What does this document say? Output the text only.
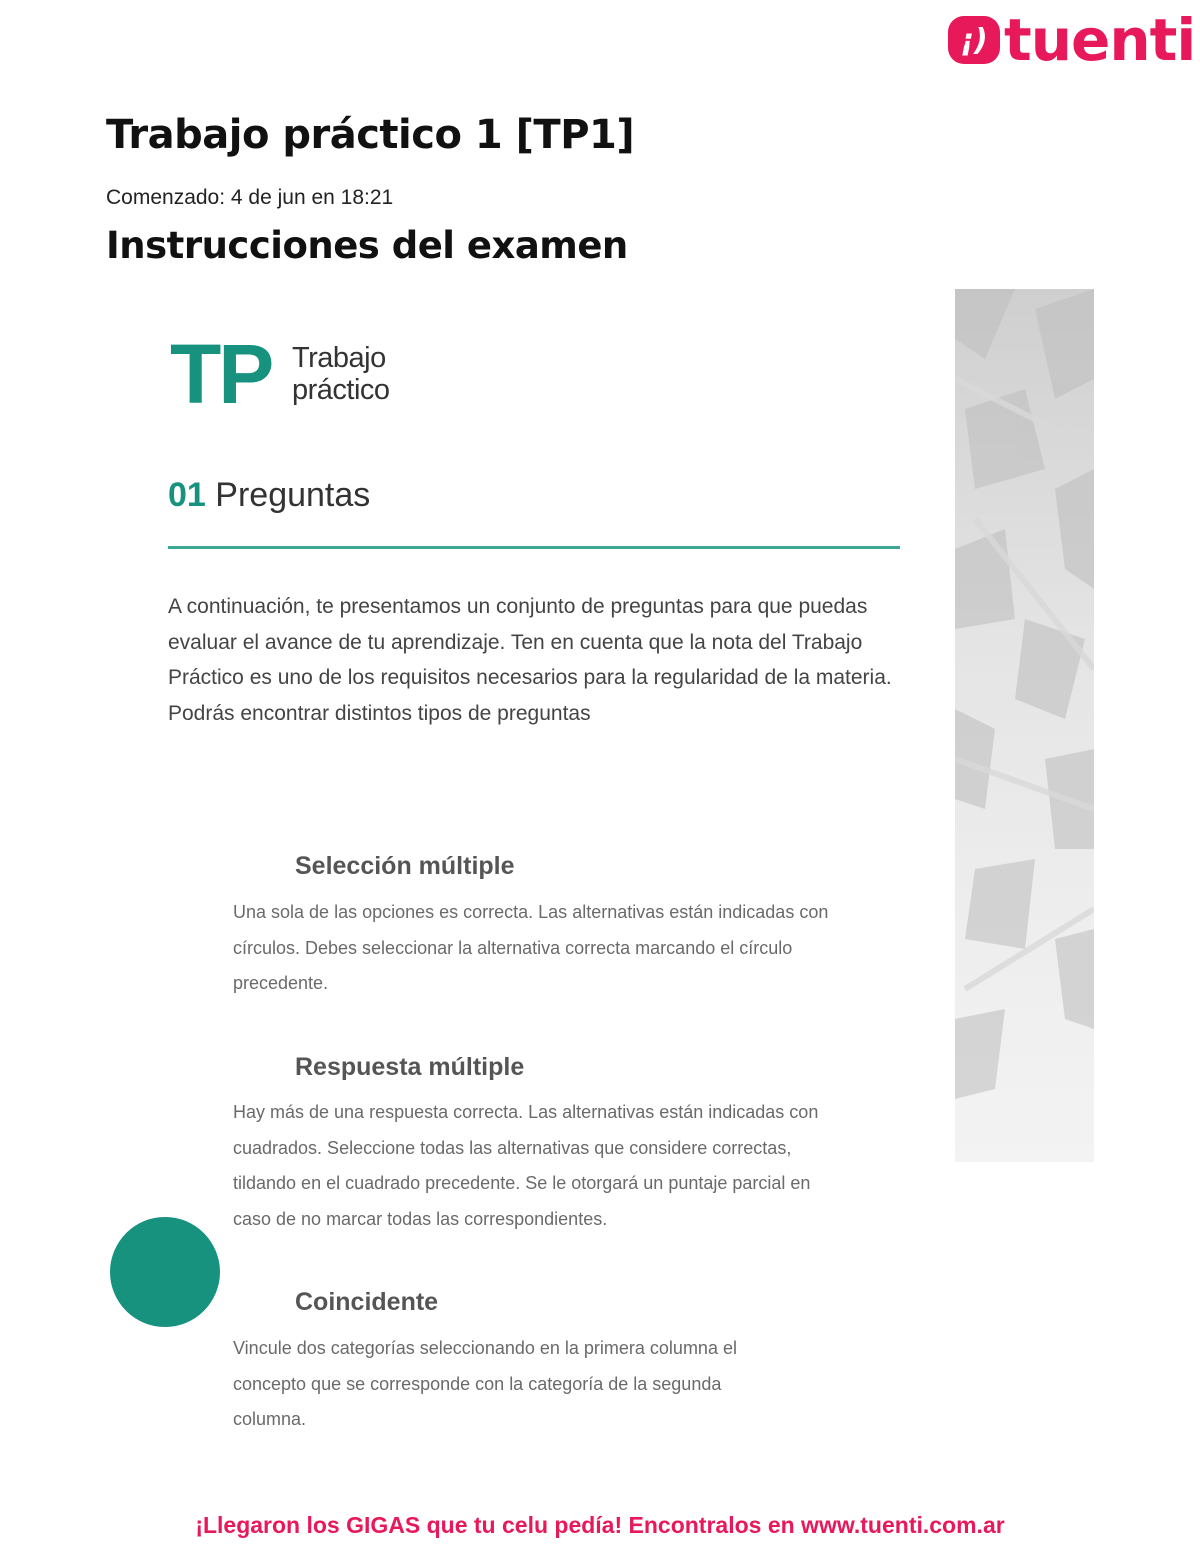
¡) tuenti
Trabajo práctico 1 [TP1]
Comenzado: 4 de jun en 18:21
Instrucciones del examen
TP Trabajo
práctico
01 Preguntas
A continuación, te presentamos un conjunto de preguntas para que puedas evaluar el avance de tu aprendizaje. Ten en cuenta que la nota del Trabajo Práctico es uno de los requisitos necesarios para la regularidad de la materia. Podrás encontrar distintos tipos de preguntas
Selección múltiple
Una sola de las opciones es correcta. Las alternativas están indicadas con círculos. Debes seleccionar la alternativa correcta marcando el círculo precedente.
Respuesta múltiple
Hay más de una respuesta correcta. Las alternativas están indicadas con cuadrados. Seleccione todas las alternativas que considere correctas, tildando en el cuadrado precedente. Se le otorgará un puntaje parcial en caso de no marcar todas las correspondientes.
Coincidente
Vincule dos categorías seleccionando en la primera columna el concepto que se corresponde con la categoría de la segunda columna.
¡Llegaron los GIGAS que tu celu pedía! Encontralos en www.tuenti.com.ar
